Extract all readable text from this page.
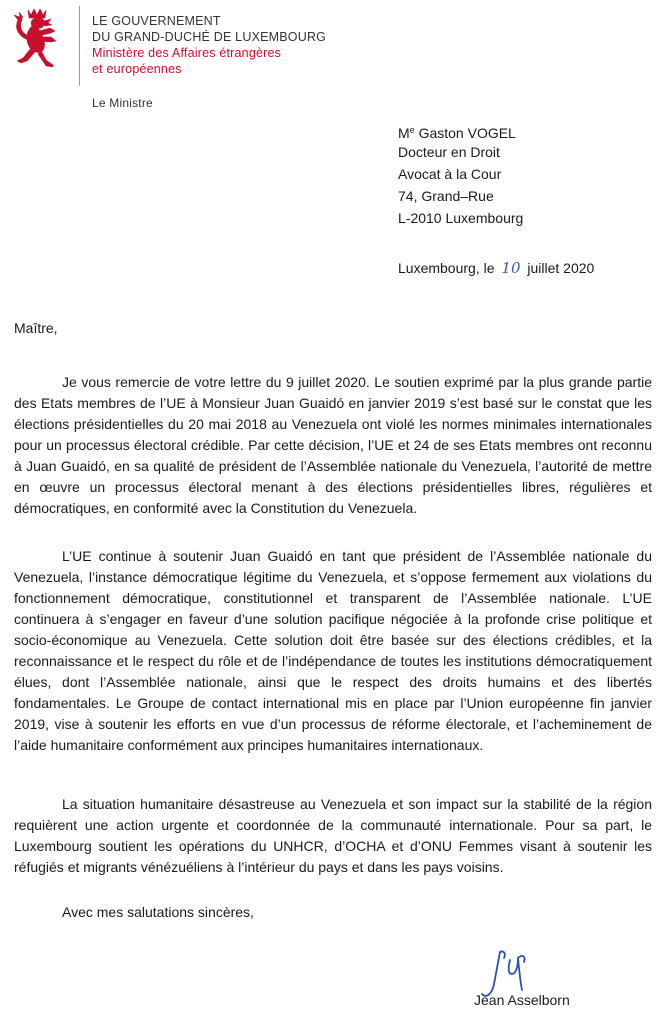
LE GOUVERNEMENT
DU GRAND-DUCHÉ DE LUXEMBOURG
Ministère des Affaires étrangères
et européennes
Le Ministre
Me Gaston VOGEL
Docteur en Droit
Avocat à la Cour
74, Grand–Rue
L-2010 Luxembourg
Luxembourg, le 10 juillet 2020
Maître,

Je vous remercie de votre lettre du 9 juillet 2020. Le soutien exprimé par la plus grande partie des Etats membres de l’UE à Monsieur Juan Guaidó en janvier 2019 s’est basé sur le constat que les élections présidentielles du 20 mai 2018 au Venezuela ont violé les normes minimales internationales pour un processus électoral crédible. Par cette décision, l’UE et 24 de ses Etats membres ont reconnu à Juan Guaidó, en sa qualité de président de l’Assemblée nationale du Venezuela, l’autorité de mettre en œuvre un processus électoral menant à des élections présidentielles libres, régulières et démocratiques, en conformité avec la Constitution du Venezuela.

L’UE continue à soutenir Juan Guaidó en tant que président de l’Assemblée nationale du Venezuela, l’instance démocratique légitime du Venezuela, et s’oppose fermement aux violations du fonctionnement démocratique, constitutionnel et transparent de l’Assemblée nationale. L’UE continuera à s’engager en faveur d’une solution pacifique négociée à la profonde crise politique et socio-économique au Venezuela. Cette solution doit être basée sur des élections crédibles, et la reconnaissance et le respect du rôle et de l’indépendance de toutes les institutions démocratiquement élues, dont l’Assemblée nationale, ainsi que le respect des droits humains et des libertés fondamentales. Le Groupe de contact international mis en place par l’Union européenne fin janvier 2019, vise à soutenir les efforts en vue d’un processus de réforme électorale, et l’acheminement de l’aide humanitaire conformément aux principes humanitaires internationaux.

La situation humanitaire désastreuse au Venezuela et son impact sur la stabilité de la région requièrent une action urgente et coordonnée de la communauté internationale. Pour sa part, le Luxembourg soutient les opérations du UNHCR, d’OCHA et d’ONU Femmes visant à soutenir les réfugiés et migrants vénézuéliens à l’intérieur du pays et dans les pays voisins.

Avec mes salutations sincères,
Jean Asselborn
